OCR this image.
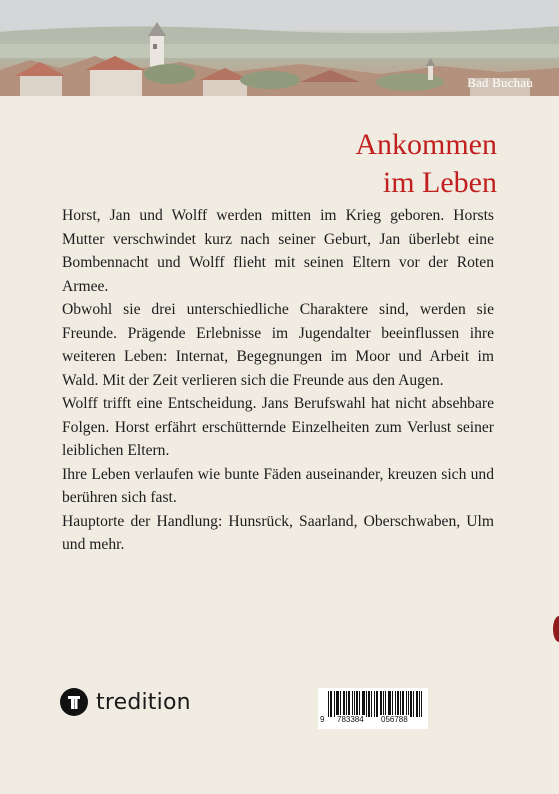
Bad Buchau
Ankommen
im Leben

Horst, Jan und Wolff werden mitten im Krieg geboren. Horsts Mutter verschwindet kurz nach seiner Geburt, Jan überlebt eine Bombennacht und Wolff flieht mit seinen Eltern vor der Roten Armee.

Obwohl sie drei unterschiedliche Charaktere sind, werden sie Freunde. Prägende Erlebnisse im Jugendalter beeinflussen ihre weiteren Leben: Internat, Begegnungen im Moor und Arbeit im Wald. Mit der Zeit verlieren sich die Freunde aus den Augen.

Wolff trifft eine Entscheidung. Jans Berufswahl hat nicht absehbare Folgen. Horst erfährt erschütternde Einzelheiten zum Verlust seiner leiblichen Eltern.

Ihre Leben verlaufen wie bunte Fäden auseinander, kreuzen sich und berühren sich fast.

Hauptorte der Handlung: Hunsrück, Saarland, Oberschwaben, Ulm und mehr.

tredition
9 783384 056788
